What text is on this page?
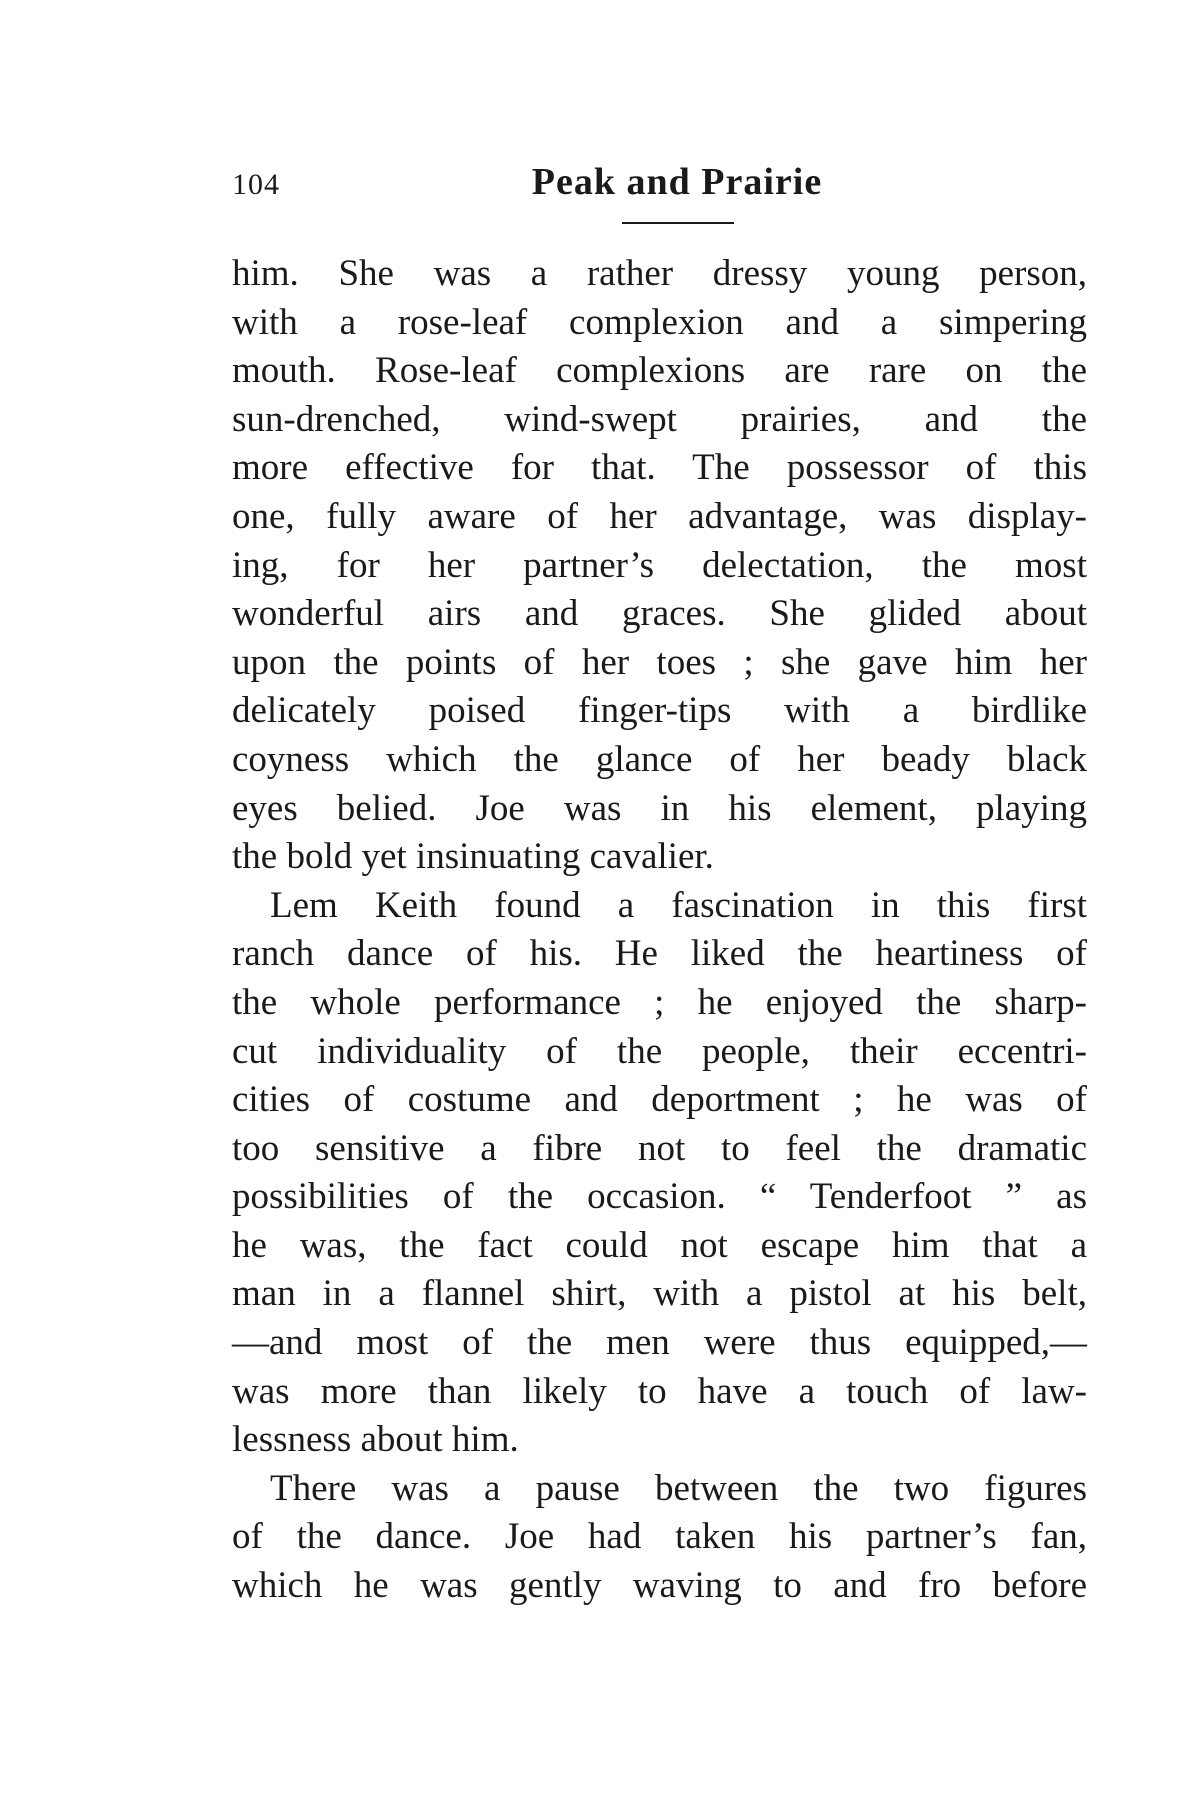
104	Peak and Prairie
him. She was a rather dressy young person,
with a rose-leaf complexion and a simpering
mouth. Rose-leaf complexions are rare on the
sun-drenched, wind-swept prairies, and the
more effective for that. The possessor of this
one, fully aware of her advantage, was display-
ing, for her partner’s delectation, the most
wonderful airs and graces. She glided about
upon the points of her toes ; she gave him her
delicately poised finger-tips with a birdlike
coyness which the glance of her beady black
eyes belied. Joe was in his element, playing
the bold yet insinuating cavalier.
Lem Keith found a fascination in this first
ranch dance of his. He liked the heartiness of
the whole performance ; he enjoyed the sharp-
cut individuality of the people, their eccentri-
cities of costume and deportment ; he was of
too sensitive a fibre not to feel the dramatic
possibilities of the occasion. “ Tenderfoot ” as
he was, the fact could not escape him that a
man in a flannel shirt, with a pistol at his belt,
—and most of the men were thus equipped,—
was more than likely to have a touch of law-
lessness about him.
There was a pause between the two figures
of the dance. Joe had taken his partner’s fan,
which he was gently waving to and fro before
